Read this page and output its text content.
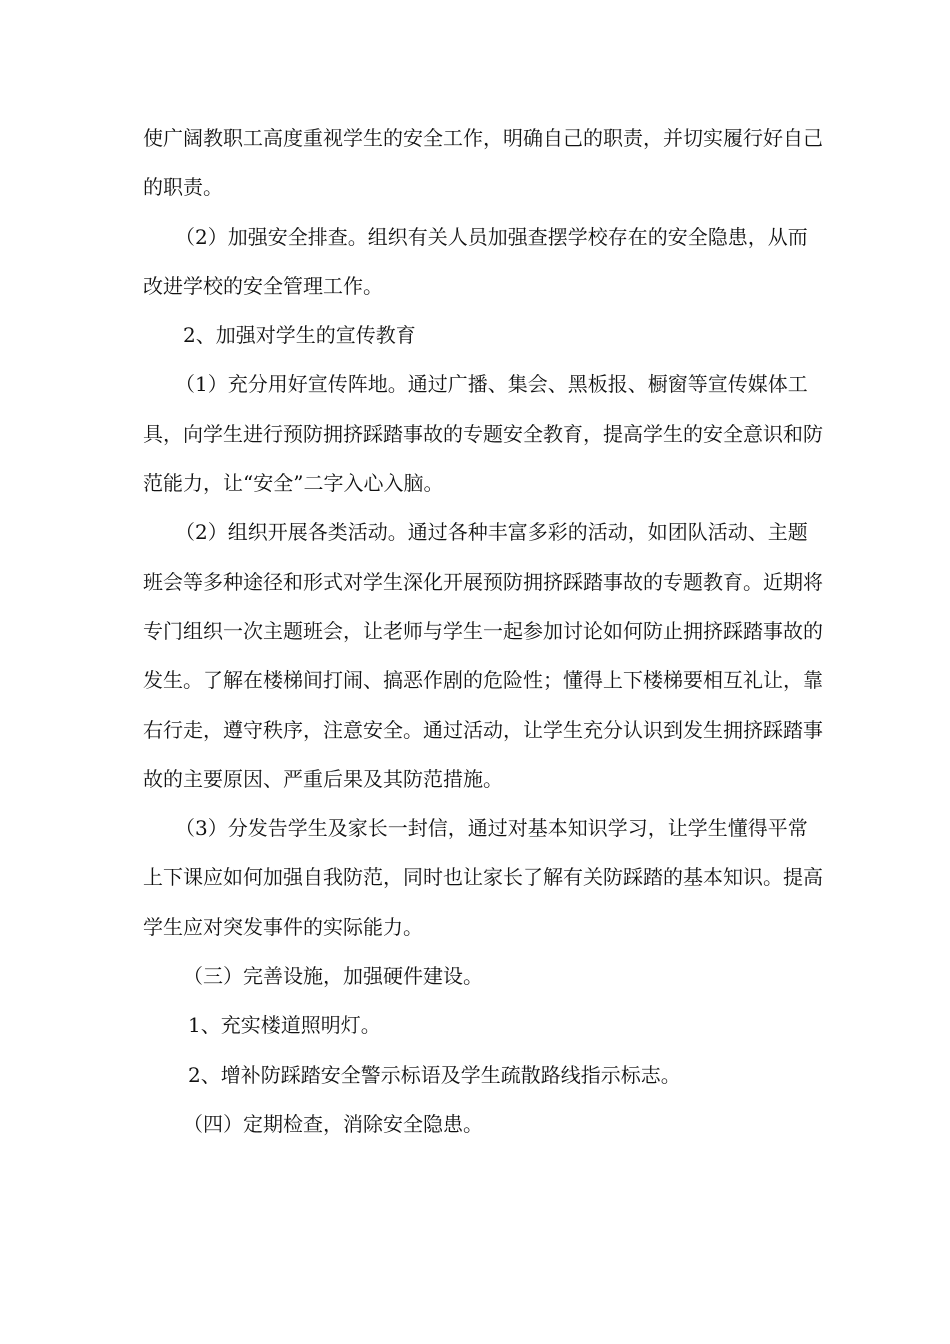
使广阔教职工高度重视学生的安全工作，明确自己的职责，并切实履行好自己的职责。

（2）加强安全排查。组织有关人员加强查摆学校存在的安全隐患，从而改进学校的安全管理工作。

2、加强对学生的宣传教育

（1）充分用好宣传阵地。通过广播、集会、黑板报、橱窗等宣传媒体工具，向学生进行预防拥挤踩踏事故的专题安全教育，提高学生的安全意识和防范能力，让“安全”二字入心入脑。

（2）组织开展各类活动。通过各种丰富多彩的活动，如团队活动、主题班会等多种途径和形式对学生深化开展预防拥挤踩踏事故的专题教育。近期将专门组织一次主题班会，让老师与学生一起参加讨论如何防止拥挤踩踏事故的发生。了解在楼梯间打闹、搞恶作剧的危险性；懂得上下楼梯要相互礼让，靠右行走，遵守秩序，注意安全。通过活动，让学生充分认识到发生拥挤踩踏事故的主要原因、严重后果及其防范措施。

（3）分发告学生及家长一封信，通过对基本知识学习，让学生懂得平常上下课应如何加强自我防范，同时也让家长了解有关防踩踏的基本知识。提高学生应对突发事件的实际能力。

（三）完善设施，加强硬件建设。

1、充实楼道照明灯。

2、增补防踩踏安全警示标语及学生疏散路线指示标志。

（四）定期检查，消除安全隐患。
